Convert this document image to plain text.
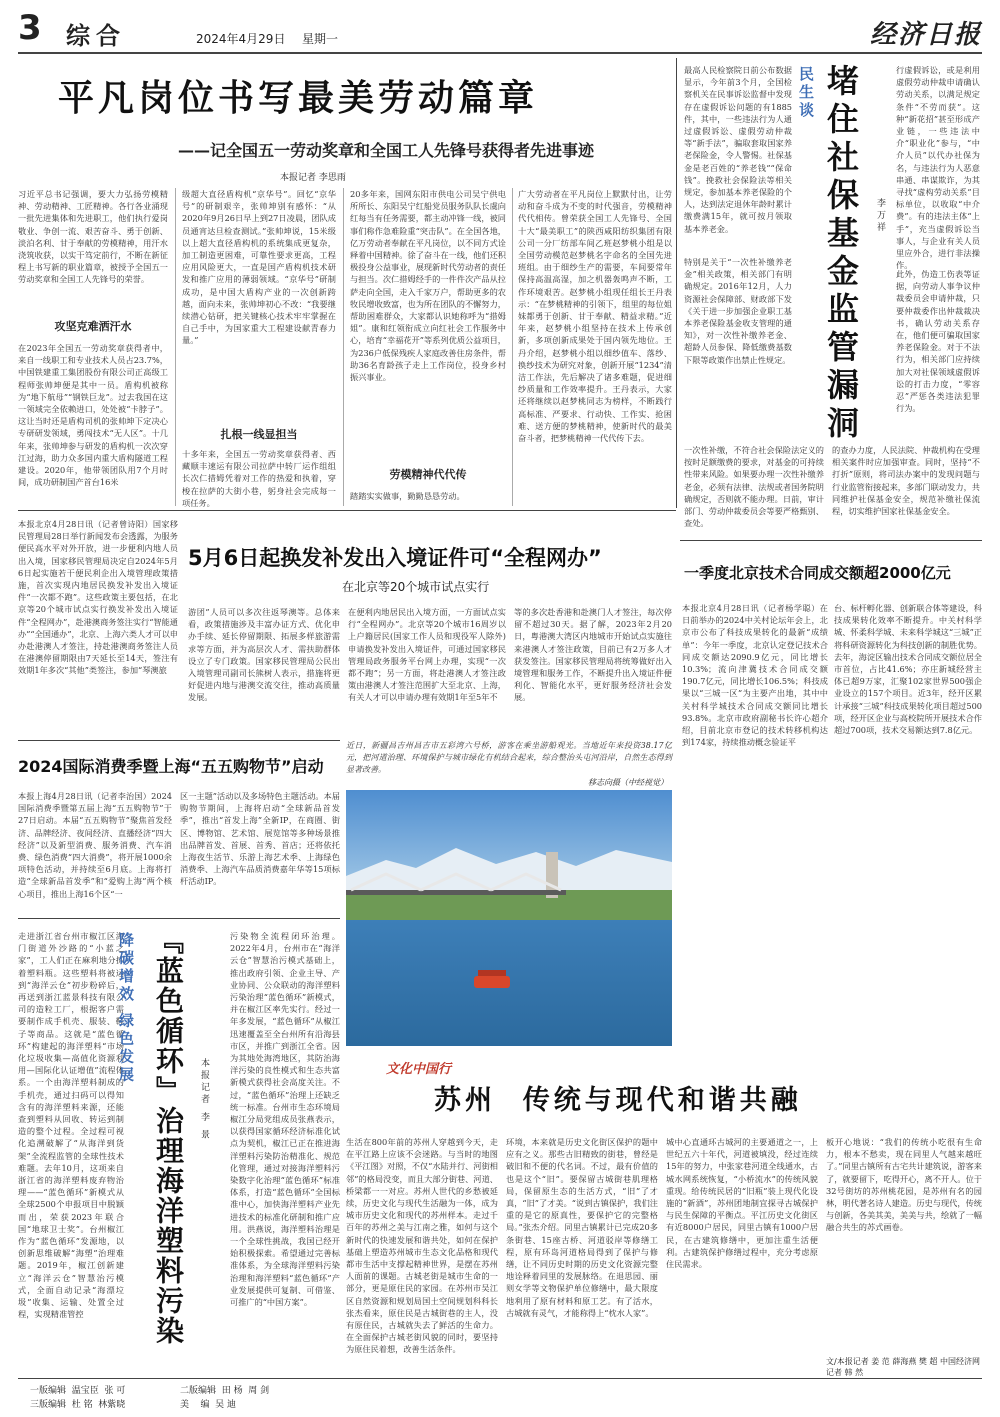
3 综合	2024年4月29日 星期一	经济日报
平凡岗位书写最美劳动篇章
——记全国五一劳动奖章和全国工人先锋号获得者先进事迹
本报记者 李思雨
习近平总书记强调，要大力弘扬劳模精神、劳动精神、工匠精神。各行各业涌现一批先进集体和先进职工，他们执行爱岗敬业、争创一流、艰苦奋斗、勇于创新、淡泊名利、甘于奉献的劳模精神，用汗水浇筑收获，以实干笃定前行，不断在新征程上书写新的职业篇章，被授予全国五一劳动奖章和全国工人先锋号的荣誉。
攻坚克难洒汗水
在2023年全国五一劳动奖章获得者中，来自一线职工和专业技术人员占23.7%，中国铁建重工集团股份有限公司正高级工程师张帅坤便是其中一员。盾构机被称为“地下航母”“钢铁巨龙”。过去我国在这一领域完全依赖进口，处处被“卡脖子”。这让当时还是盾构司机的张帅坤下定决心专研研发领域，勇闯技术“无人区”。十几年来，张帅坤参与研发的盾构机一次次穿江过海，助力众多国内重大盾构隧道工程建设。2020年，他带领团队用7个月时间，成功研制国产首台16米
级超大直径盾构机“京华号”。回忆“京华号”的研制艰辛，张帅坤别有感怀：“从2020年9月26日早上到27日凌晨，团队成员通宵达旦检查测试。”张帅坤说，15米级以上超大直径盾构机的系统集成更复杂，加工制造更困难，可靠性要求更高，工程应用风险更大，一直是国产盾构机技术研发和推广应用的薄弱领域。“京华号”研制成功，是中国大盾构产业的一次创新跨越，面向未来，张帅坤初心不改：“我要继续潜心钻研，把关键核心技术牢牢掌握在自己手中，为国家重大工程建设献青春力量。”
扎根一线显担当
十多年来，全国五一劳动奖章获得者、西藏顺丰速运有限公司拉萨中转厂运作组组长次仁措姆凭着对工作的热爱和执着，穿梭在拉萨的大街小巷，躬身社会完成每一项任务。
20多年来，国网东阳市供电公司吴宁供电所所长、东阳吴宁红船党员服务队队长虞向红每当有任务需要，都主动冲锋一线，被同事们称作急难险重“突击队”。在全国各地，亿万劳动者奉献在平凡岗位，以不同方式诠释着中国精神。徐了奋斗在一线，他们还积极投身公益事业，展现新时代劳动者的责任与担当。次仁措姆经手的一件件次产品从拉萨走向全国，走入千家万户，帮助更多的农牧民增收致富，也为所在团队的不懈努力，帮助困难群众，大家都认识她称呼为“措姆姐”。康和红领衔成立向红社会工作服务中心，培育“幸福花开”等系列优质公益项目，为236户低保残疾人家庭改善住房条件，帮助36名育龄孩子走上工作岗位，投身乡村振兴事业。
劳模精神代代传
踏踏实实做事，勤勤恳恳劳动。
广大劳动者在平凡岗位上默默付出，让劳动和奋斗成为不变的时代强音，劳模精神代代相传。曾荣获全国工人先锋号、全国十大“最美职工”的陕西咸阳纺织集团有限公司一分厂纺部车间乙班赵梦桃小组是以全国劳动模范赵梦桃名字命名的全国先进班组。由于细纱生产的需要，车间要常年保持高温高湿，加之机器轰鸣声不断，工作环境艰苦。赵梦桃小组现任组长王丹表示：“在梦桃精神的引领下，组里的每位姐妹都勇于创新、甘于奉献、精益求精。”近年来，赵梦桃小组坚持在技术上传承创新，多项创新成果处于国内领先地位。王丹介绍，赵梦桃小组以细纱值车、落纱、换纱技术为研究对象，创新开展“1234”清洁工作法，先后解决了诸多难题，促进细纱质量和工作效率提升。王丹表示，大家还将继续以赵梦桃同志为榜样，不断践行高标准、严要求、行动快、工作实、抢困难、送方便的梦桃精神，使新时代的最美奋斗者，把梦桃精神一代代传下去。
民生谈 堵住社保基金监管漏洞	李万祥
最高人民检察院日前公布数据显示，今年前3个月，全国检察机关在民事诉讼监督中发现存在虚假诉讼问题的有1885件，其中，一些违法行为人通过虚假诉讼、虚假劳动仲裁等“新手法”，骗取套取国家养老保险金，令人警惕。社保基金是老百姓的“养老钱”“保命钱”。挽救社会保险法等相关规定，参加基本养老保险的个人，达到法定退休年龄时累计缴费满15年，就可按月领取基本养老金。
特别是关于“一次性补缴养老金”相关政策，相关部门有明确规定。2016年12月，人力资源社会保障部、财政部下发《关于进一步加强企业职工基本养老保险基金收支管理的通知》，对一次性补缴养老金、超龄人员参保、降低缴费基数下限等政策作出禁止性规定。
行虚假诉讼，或是利用虚假劳动仲裁申请确认劳动关系，以满足规定条件“不劳而获”。这种“新花招”甚至形成产业链，一些违法中介“职业化”参与，“中介人员”以代办社保为名，与违法行为人恶意串通、串谋欺诈，为其寻找“虚构劳动关系”目标单位，以收取“中介费”。有的违法主体“上手”，充当虚假诉讼当事人，与企业有关人员里应外合，进行非法操作。
此外，伪造工伤表等证据，向劳动人事争议仲裁委员会申请仲裁，只要仲裁委作出仲裁裁决书，确认劳动关系存在，他们便可骗取国家养老保险金。对于不法行为，相关部门应持续加大对社保领域虚假诉讼的打击力度，“零容忍”严惩各类违法犯罪行为。
一次性补缴，不符合社会保险法定义的按时足额缴费的要求，对基金的可持续性带来风险。如果要办理一次性补缴养老金，必须有法律、法规或者国务院明确规定，否则就不能办理。日前，审计部门、劳动仲裁委员会等要严格甄别、查处。
的查办力度，人民法院、仲裁机构在受理相关案件时应加强审查。同时，坚持“不打折”原则，将司法办案中的发现问题与行业监管衔接起来，多部门联动发力，共同维护社保基金安全，规范补缴社保流程，切实维护国家社保基金安全。
本报北京4月28日讯（记者曾诗阳）国家移民管理局28日举行新闻发布会透露，为服务便民高水平对外开放，进一步便利内地人员出入境，国家移民管理局决定自2024年5月6日起实施若干便民利企出入境管理政策措施，首次实现内地居民换发补发出入境证件“一次都不跑”。这些政策主要包括，在北京等20个城市试点实行换发补发出入境证件“全程网办”，赴港澳商务签注实行“智能通办”“全国通办”，北京、上海六类人才可以申办赴港澳人才签注，持赴港澳商务签注人员在港澳停留期限由7天延长至14天，签注有效期1年多次“其他”类签注，参加“琴澳旅
5月6日起换发补发出入境证件可“全程网办”
在北京等20个城市试点实行
游团”人员可以多次往返琴澳等。总体来看，政策措施涉及丰富办证方式、优化申办手续、延长停留期限、拓展多样旅游需求等方面，并为高层次人才、需扶助群体设立了专门政策。国家移民管理局公民出入境管理司副司长熊树人表示，措施将更好促进内地与港澳交流交往，推动高质量发展。
在便利内地居民出入境方面，一方面试点实行“全程网办”。北京等20个城市16周岁以上户籍居民(国家工作人员和现役军人除外)申请换发补发出入境证件，可通过国家移民管理局政务服务平台网上办理，实现“一次都不跑”；另一方面，将赴港澳人才签注政策由港澳人才签注范围扩大至北京、上海，有关人才可以申请办理有效期1年至5年不
等的多次赴香港和赴澳门人才签注，每次停留不超过30天。据了解，2023年2月20日，粤港澳大湾区内地城市开始试点实施往来港澳人才签注政策，目前已有2万多人才获发签注。国家移民管理局将统筹做好出入境管理和服务工作，不断提升出入境证件便利化、智能化水平，更好服务经济社会发展。
一季度北京技术合同成交额超2000亿元
本报北京4月28日讯（记者杨学聪）在日前举办的2024中关村论坛年会上，北京市公布了科技成果转化的最新“成绩单”：今年一季度，北京认定登记技术合同成交额达2090.9亿元，同比增长10.3%；流向津冀技术合同成交额190.7亿元，同比增长106.5%；科技成果以“三城一区”为主要产出地，其中中关村科学城技术合同成交额同比增长93.8%。北京市政府副秘书长许心超介绍，目前北京市登记的技术转移机构达到174家，持续推动概念验证平
台、标杆孵化器、创新联合体等建设，科技成果转化效率不断提升。中关村科学城、怀柔科学城、未来科学城这“三城”正将科研资源转化为科技创新的制胜优势。去年，海淀区输出技术合同成交额位居全市首位，占比41.6%；亦庄新城经营主体已超9万家，汇聚102家世界500强企业设立的157个项目。近3年，经开区累计承接“三城”科技成果转化项目超过500项，经开区企业与高校院所开展技术合作超过700项，技术交易额达到7.8亿元。
2024国际消费季暨上海“五五购物节”启动
本报上海4月28日讯（记者李治国）2024国际消费季暨第五届上海“五五购物节”于27日启动。本届“五五购物节”聚焦首发经济、品牌经济、夜间经济、直播经济“四大经济”以及新型消费、服务消费、汽车消费、绿色消费“四大消费”，将开展1000余项特色活动，并持续至6月底。上海将打造“全球新品首发季”和“爱购上海”两个核心项目，推出上海16个区“一
区一主题”活动以及多场特色主题活动。本届购物节期间，上海将启动“全球新品首发季”，推出“首发上海”全新IP，在商圈、街区、博物馆、艺术馆、展览馆等多种场景推出品牌首发、首展、首秀、首店；还将依托上海夜生活节、乐游上海艺术季、上海绿色消费季、上海汽车品质消费嘉年华等15项标杆活动IP。
近日，新疆昌吉州昌吉市五彩湾六号桥，游客在乘坐游船观光。当地近年来投资38.17亿元，把河道治理、环境保护与城市绿化有机结合起来，综合整治头屯河沿岸，自然生态得到显著改善。
移志向摄（中经视觉）
走进浙江省台州市椒江区海门街道外沙路的“小蓝之家”，工人们正在麻利地分拣着塑料瓶。这些塑料将被运到“海洋云仓”初步粉碎后，再送到浙江蓝景科技有限公司的造粒工厂，根据客户需要制作成手机壳、服装、鞋子等商品。这就是“蓝色循环”构建起的海洋塑料“市场化垃圾收集—高值化资源利用—国际化认证增值”流程体系。一个由海洋塑料制成的手机壳，通过扫码可以得知含有的海洋塑料来源，还能查到塑料从回收、转运到制造的整个过程。全过程可视化追溯破解了“从海洋到货架”全流程监管的全球性技术难题。去年10月，这项来自浙江省的海洋塑料废弃物治理——“蓝色循环”新模式从全球2500个申报项目中脱颖而出，荣获2023年联合国“地球卫士奖”。台州椒江作为“蓝色循环”发源地，以创新思维破解“海塑”治理难题。2019年，椒江创新建立“海洋云仓”智慧治污模式，全面自动记录“海漂垃圾”收集、运输、处置全过程，实现精准管控
降碳增效 绿色发展 『蓝色循环』治理海洋塑料污染	本报记者 李 景
污染物全流程闭环治理。2022年4月，台州市在“海洋云仓”智慧治污模式基础上，推出政府引领、企业主导、产业协同、公众联动的海洋塑料污染治理“蓝色循环”新模式，并在椒江区率先实行。经过一年多发展，“蓝色循环”从椒江迅速覆盖至全台州所有沿海县市区，并推广到浙江全省。因为其地处海湾地区，其防治海洋污染的良性模式和生态共富新模式获得社会高度关注。不过，“蓝色循环”治理上还缺乏统一标准。台州市生态环境局椒江分局党组成员张燕表示，以获得国家循环经济标准化试点为契机，椒江已正在推进海洋塑料污染防治精准化、规范化管理，通过对接海洋塑料污染数字化治理“蓝色循环”标准体系，打造“蓝色循环”全国标准中心，加快海洋塑料产业先进技术的标准化研制和推广应用。洪燕说，海洋塑料治理是一个全球性挑战，我国已经开始积极探索。希望通过完善标准体系，为全球海洋塑料污染治理和海洋塑料“蓝色循环”产业发展提供可复制、可借鉴、可推广的“中国方案”。
文化中国行
苏州  传统与现代和谐共融
生活在800年前的苏州人穿越到今天，走在平江路上应该不会迷路。与当时的地图《平江图》对照，不仅“水陆并行、河街相邻”的格局没变，而且大部分街巷、河道、桥梁都一一对应。苏州人世代的乡愁被延续，历史文化与现代生活融为一体，成为城市历史文化和现代的苏州样本。走过千百年的苏州之美与江南之雅，如何与这个新时代的快速发展和谐共处，如何在保护基础上塑造苏州城市生态文化品格和现代都市生活中支撑起精神世界，是摆在苏州人面前的课题。古城老街是城市生命的一部分，更是原住民的家园。在苏州市吴江区自然资源和规划局国土空间规划科科长张杰看来，原住民是古城街巷的主人，没有原住民，古城就失去了鲜活的生命力。在全面保护古城老街风貌的同时，要坚持为原住民着想，改善生活条件。
环境，本来就是历史文化街区保护的题中应有之义。那些古旧精致的街巷，曾经是破旧和不便的代名词。不过，最有价值的也是这个“旧”。要保留古城街巷肌理格局，保留原生态的生活方式，“旧”了才真，“旧”了才美。“说到古镇保护，我们注重的是它的原真性，要保护它的完整格局。”张杰介绍。同里古镇累计已完成20多条街巷、15座古桥、河道驳岸等修缮工程，原有环岛河道格局得到了保护与修缮，让不同历史时期的历史文化资源完整地诠释着同里的发展脉络。在退思园、丽则女学等文物保护单位修缮中，最大限度地利用了原有材料和原工艺。有了活水，古城就有灵气，才能称得上“枕水人家”。
城中心直通环古城河的主要通道之一，上世纪五六十年代，河道被填没，经过连续15年的努力，中张家巷河道全线通水，古城水网系统恢复，“小桥流水”的传统风貌重现。给传统民居的“旧瓶”装上现代化设施的“新酒”，苏州团地制宜探寻古城保护与民生保障的平衡点。平江历史文化街区有近8000户居民，同里古镇有1000户居民，在古建筑修缮中，更加注重生活便利。古建筑保护修缮过程中，充分考虑原住民需求。
板开心地说：“我们的传统小吃很有生命力，根本不愁卖，现在同里人气越来越旺了。”同里古镇所有古宅共计建筑说，游客来了，就要留下，吃得开心，离不开人。位于32号街坊的苏州桃花园，是苏州有名的园林，明代著名诗人建造。历史与现代，传统与创新，各美其美，美美与共，绘就了一幅融合共生的苏式画卷。
一版编辑  温宝臣  张 可
三版编辑  杜 铭  林紫晓
二版编辑  田 杨  周 剑
美    编  吴 迪
文/本报记者 姜 范 薛海燕 樊 超 中国经济网记者 韩 然
